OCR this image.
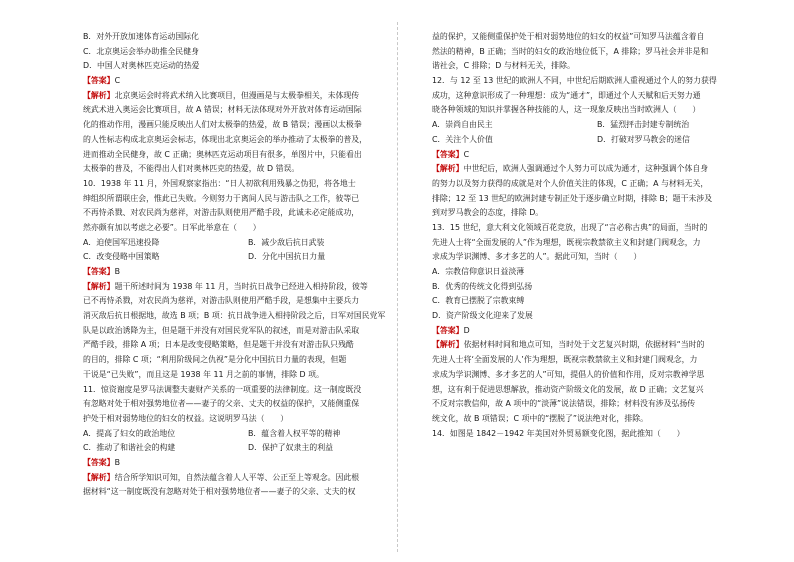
B．对外开放加速体育运动国际化
C．北京奥运会举办助推全民健身
D．中国人对奥林匹克运动的热爱
【答案】C
【解析】北京奥运会时将武术纳入比赛项目，但漫画是与太极拳相关，未体现传
统武术进入奥运会比赛项目，故 A 错误；材料无法体现对外开放对体育运动国际
化的推动作用，漫画只能反映出人们对太极拳的热爱，故 B 错误；漫画以太极拳
的人性标志构成北京奥运会标志，体现出北京奥运会的举办推动了太极拳的普及，
进而推动全民健身，故 C 正确；奥林匹克运动项目有很多，单图片中，只能看出
太极拳的普及，不能得出人们对奥林匹克的热爱，故 D 错误。
10．1938 年 11 月，外国观察家指出：“日人初欲利用残暴之伪犯，将各地士
绅组织所谓联庄会，惟此已失败。今则努力于离间人民与游击队之工作，彼等已
不再恃杀戮、对农民尚为慈祥，对游击队则使用严酷手段，此诚未必定能成功，
然亦颇有加以考虑之必要”。日军此举意在（　　）
A．迫使国军迅速投降	B．减少敌后抗日武装
C．改变侵略中国策略	D．分化中国抗日力量
【答案】B
【解析】题干所述时间为 1938 年 11 月，当时抗日战争已经进入相持阶段，彼等
已不再恃杀戮，对农民尚为慈祥，对游击队则使用严酷手段，是想集中主要兵力
消灭敌后抗日根据地，故选 B 项；B 项：抗日战争进入相持阶段之后，日军对国民党军
队是以政治诱降为主，但是题干并没有对国民党军队的叙述，而是对游击队采取
严酷手段，排除 A 项；日本是改变侵略策略，但是题干并没有对游击队只残酷
的目的，排除 C 项；“利用阶级间之仇视”是分化中国抗日力量的表现，但题
干说是“已失败”，而且这是 1938 年 11 月之前的事情，排除 D 项。
11．惊资谢度是罗马法调整夫妻财产关系的一项重要的法律制度。这一制度既没
有忽略对处于相对强势地位者——妻子的父亲、丈夫的权益的保护，又能侧重保
护处于相对弱势地位的妇女的权益。这说明罗马法（　　）
A．提高了妇女的政治地位	B．蕴含着人权平等的精神
C．推动了和谐社会的构建	D．保护了奴隶主的利益
【答案】B
【解析】结合所学知识可知，自然法蕴含着人人平等、公正至上等观念。因此根
据材料“这一制度既没有忽略对处于相对强势地位者——妻子的父亲、丈夫的权
益的保护，又能侧重保护处于相对弱势地位的妇女的权益”可知罗马法蕴含着自
然法的精神，B 正确；当时的妇女的政治地位低下，A 排除；罗马社会并非是和
谐社会，C 排除；D 与材料无关，排除。
12．与 12 至 13 世纪的欧洲人不同，中世纪后期欧洲人重视通过个人的努力获得
成功，这种意识形成了一种理想：成为“通才”，即通过个人天赋和后天努力通
晓各种领域的知识并掌握各种技能的人，这一现象反映出当时欧洲人（　　）
A．崇尚自由民主	B．猛烈抨击封建专制统治
C．关注个人价值	D．打破对罗马教会的迷信
【答案】C
【解析】中世纪后，欧洲人强调通过个人努力可以成为通才，这种强调个体自身
的努力以及努力获得的成就是对个人价值关注的体现，C 正确；A 与材料无关，
排除；12 至 13 世纪的欧洲封建专制正处于逐步确立时期，排除 B；题干未涉及
到对罗马教会的态度，排除 D。
13．15 世纪，意大利文化领域百花竞放，出现了“言必称古典”的局面，当时的
先进人士将“全面发展的人”作为理想，既视宗教禁欲主义和封建门阀观念，力
求成为学识渊博、多才多艺的人”。据此可知，当时（　　）
A．宗教信仰意识日益淡薄
B．优秀的传统文化得到弘扬
C．教育已摆脱了宗教束缚
D．资产阶级文化迎来了发展
【答案】D
【解析】依据材料时间和地点可知，当时处于文艺复兴时期，依据材料“当时的
先进人士将‘全面发展的人’作为理想，既视宗教禁欲主义和封建门阀观念，力
求成为学识渊博、多才多艺的人”可知，提倡人的价值和作用，反对宗教神学思
想，这有利于促进思想解放，推动资产阶级文化的发展，故 D 正确；文艺复兴
不反对宗教信仰，故 A 项中的“淡薄”说法错误，排除；材料没有涉及弘扬传
统文化，故 B 项错误；C 项中的“摆脱了”说法绝对化，排除。
14．如图是 1842－1942 年美国对外贸易额变化图，据此推知（　　）
